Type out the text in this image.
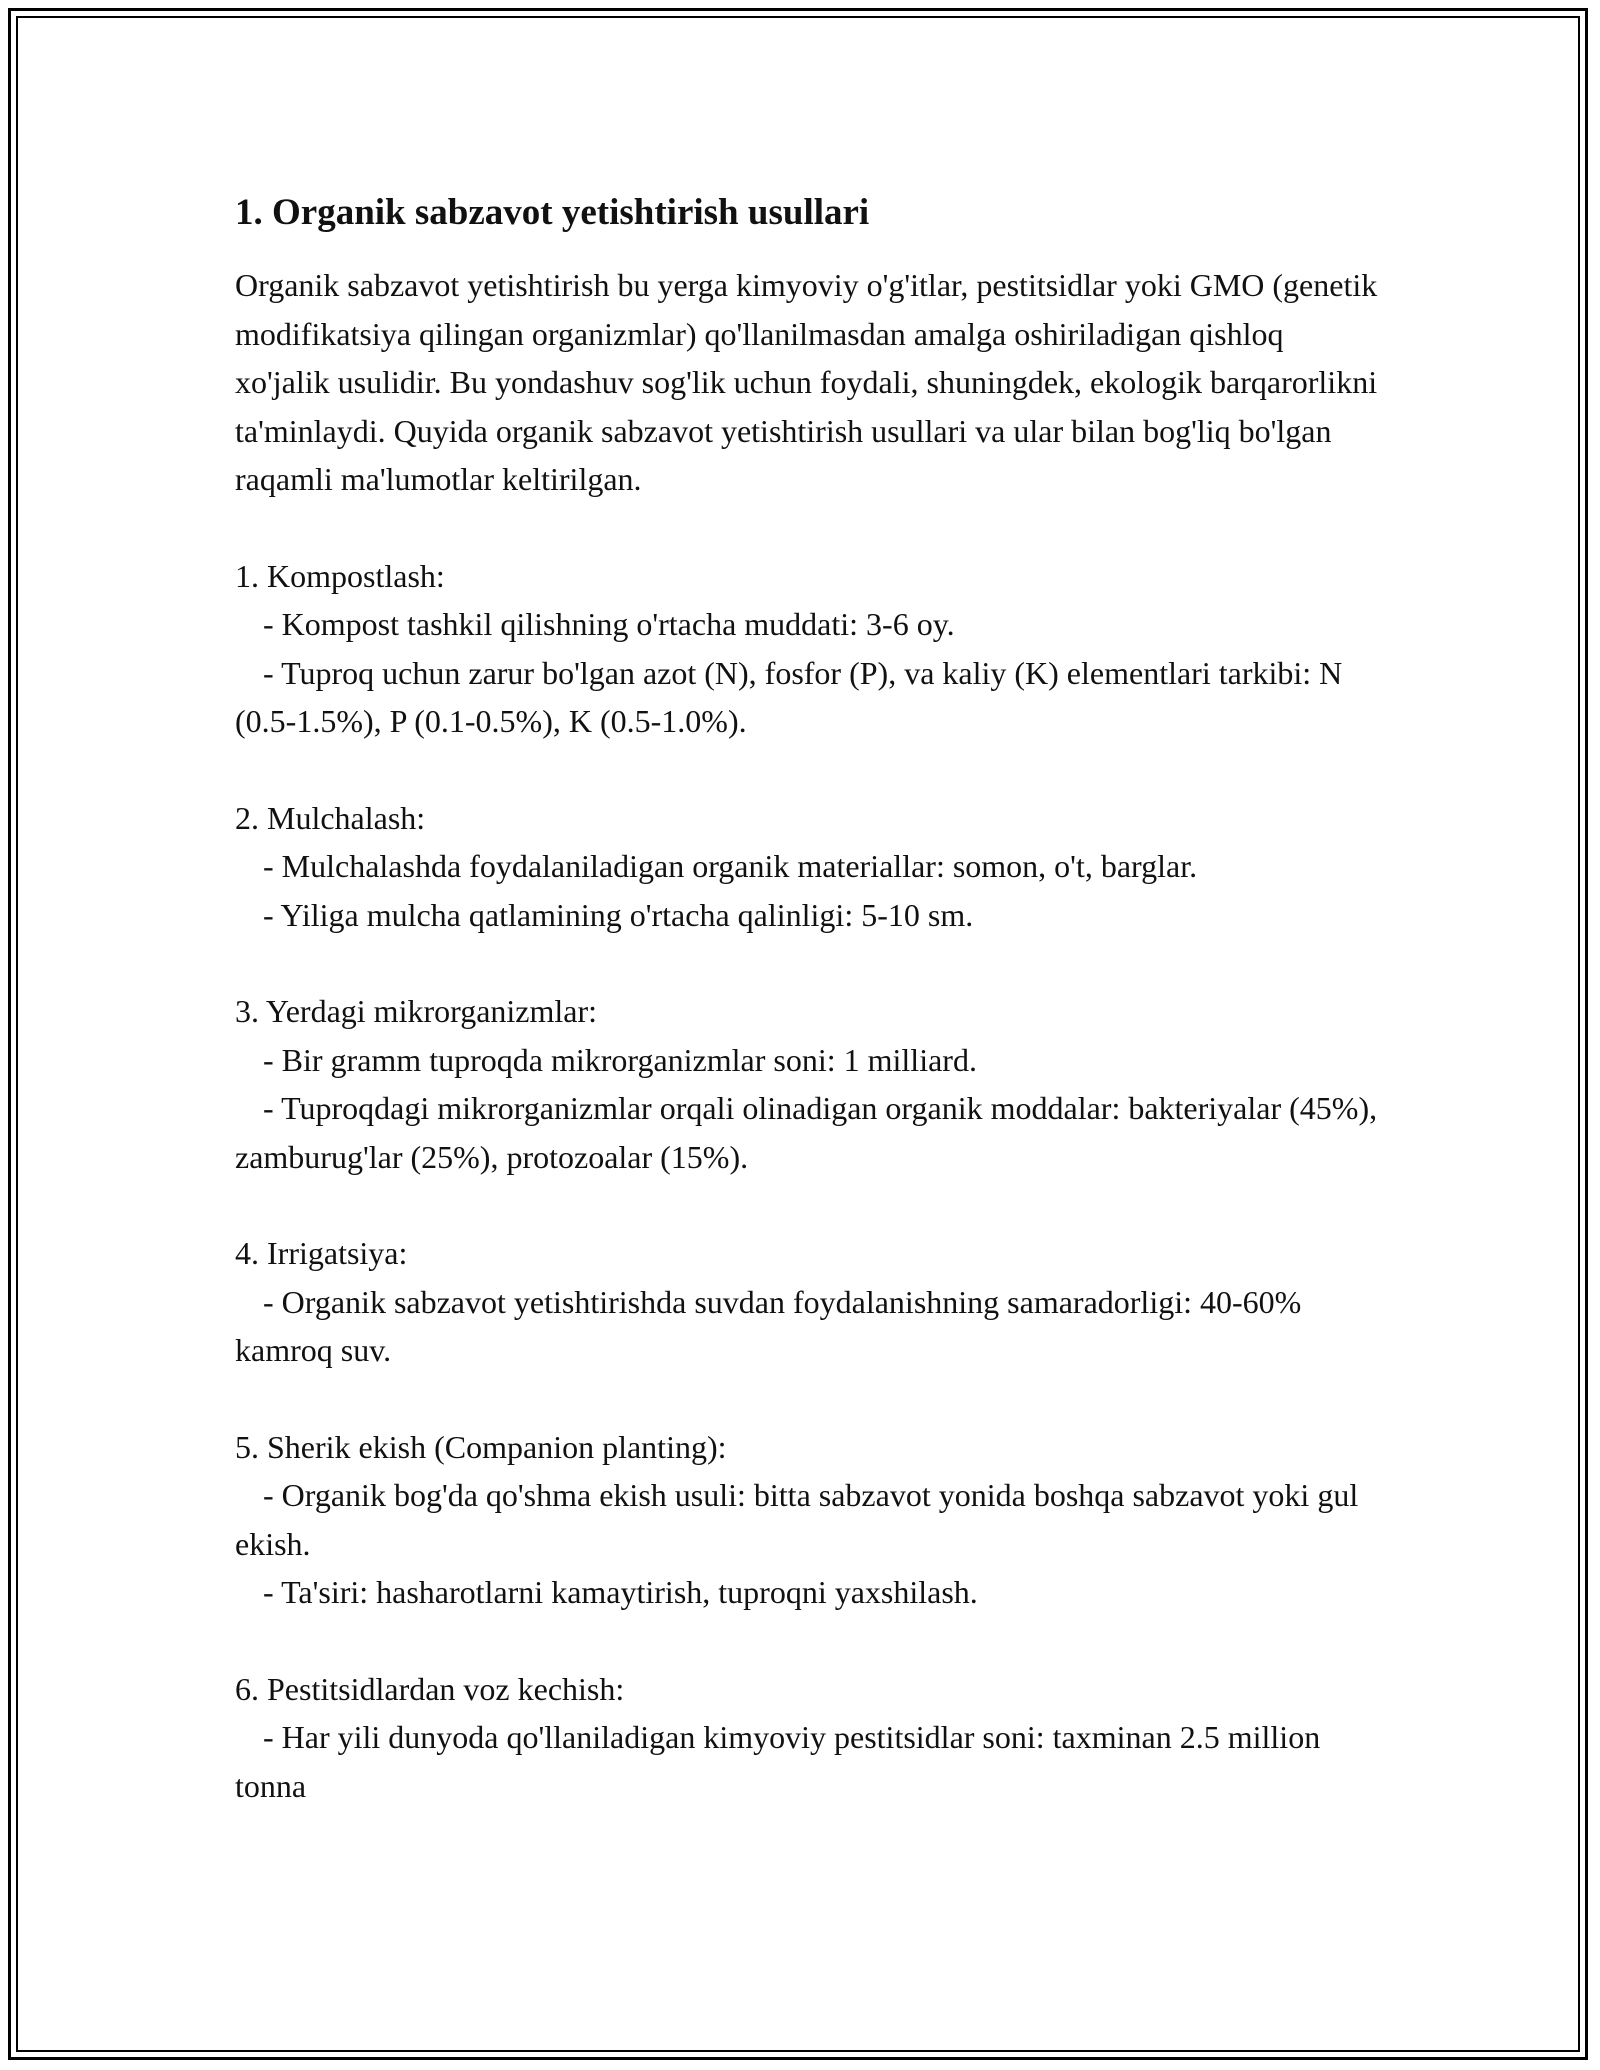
1. Organik sabzavot yetishtirish usullari

Organik sabzavot yetishtirish bu yerga kimyoviy o'g'itlar, pestitsidlar yoki GMO (genetik modifikatsiya qilingan organizmlar) qo'llanilmasdan amalga oshiriladigan qishloq xo'jalik usulidir. Bu yondashuv sog'lik uchun foydali, shuningdek, ekologik barqarorlikni ta'minlaydi. Quyida organik sabzavot yetishtirish usullari va ular bilan bog'liq bo'lgan raqamli ma'lumotlar keltirilgan.

1. Kompostlash:

- Kompost tashkil qilishning o'rtacha muddati: 3-6 oy.

- Tuproq uchun zarur bo'lgan azot (N), fosfor (P), va kaliy (K) elementlari tarkibi: N (0.5-1.5%), P (0.1-0.5%), K (0.5-1.0%).

2. Mulchalash:

- Mulchalashda foydalaniladigan organik materiallar: somon, o't, barglar.

- Yiliga mulcha qatlamining o'rtacha qalinligi: 5-10 sm.

3. Yerdagi mikrorganizmlar:

- Bir gramm tuproqda mikrorganizmlar soni: 1 milliard.

- Tuproqdagi mikrorganizmlar orqali olinadigan organik moddalar: bakteriyalar (45%), zamburug'lar (25%), protozoalar (15%).

4. Irrigatsiya:

- Organik sabzavot yetishtirishda suvdan foydalanishning samaradorligi: 40-60% kamroq suv.

5. Sherik ekish (Companion planting):

- Organik bog'da qo'shma ekish usuli: bitta sabzavot yonida boshqa sabzavot yoki gul ekish.

- Ta'siri: hasharotlarni kamaytirish, tuproqni yaxshilash.

6. Pestitsidlardan voz kechish:

- Har yili dunyoda qo'llaniladigan kimyoviy pestitsidlar soni: taxminan 2.5 million tonna
